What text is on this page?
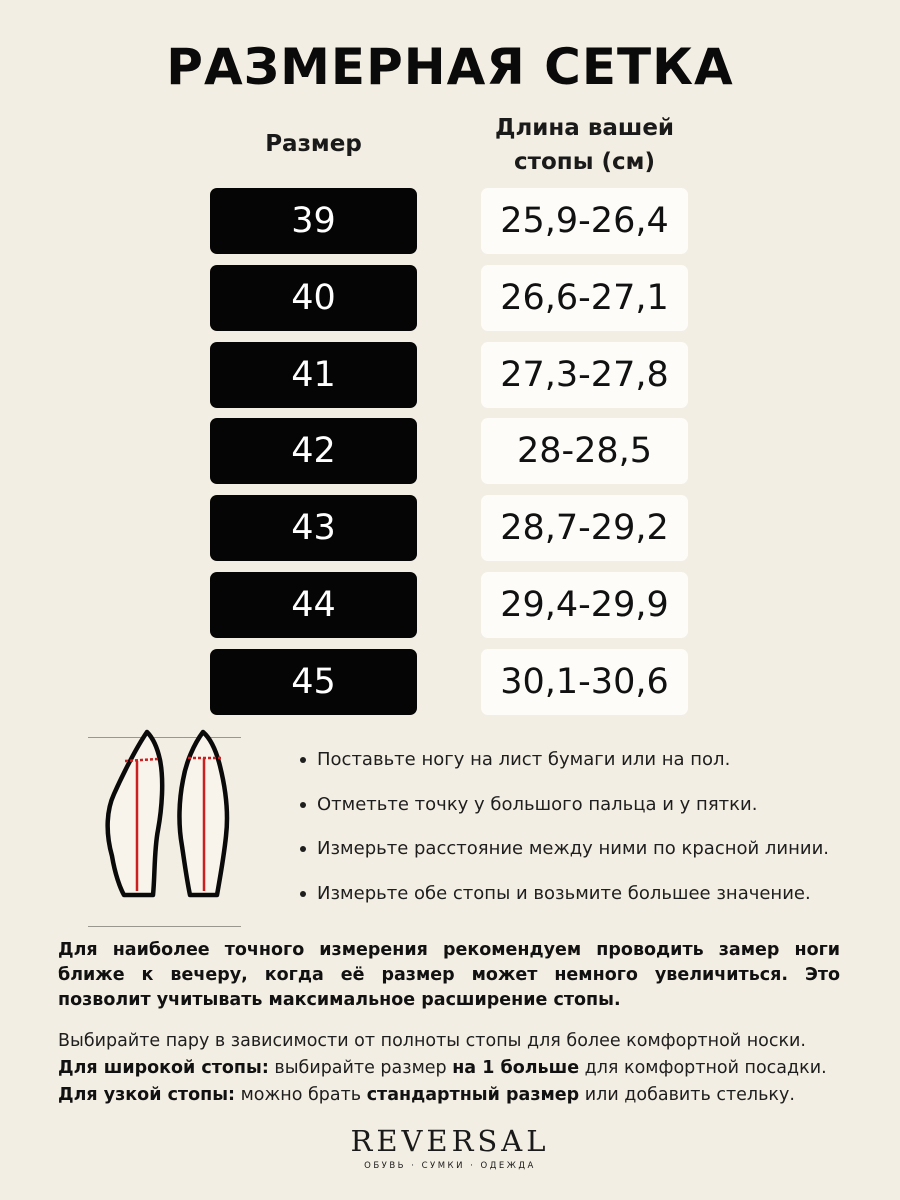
РАЗМЕРНАЯ СЕТКА
Размер
Длина вашей
стопы (см)
39	25,9-26,4
40	26,6-27,1
41	27,3-27,8
42	28-28,5
43	28,7-29,2
44	29,4-29,9
45	30,1-30,6
Поставьте ногу на лист бумаги или на пол.
Отметьте точку у большого пальца и у пятки.
Измерьте расстояние между ними по красной линии.
Измерьте обе стопы и возьмите большее значение.
Для наиболее точного измерения рекомендуем проводить замер ноги ближе к вечеру, когда её размер может немного увеличиться. Это позволит учитывать максимальное расширение стопы.
Выбирайте пару в зависимости от полноты стопы для более комфортной носки.
Для широкой стопы: выбирайте размер на 1 больше для комфортной посадки.
Для узкой стопы: можно брать стандартный размер или добавить стельку.
REVERSAL
ОБУВЬ · СУМКИ · ОДЕЖДА
